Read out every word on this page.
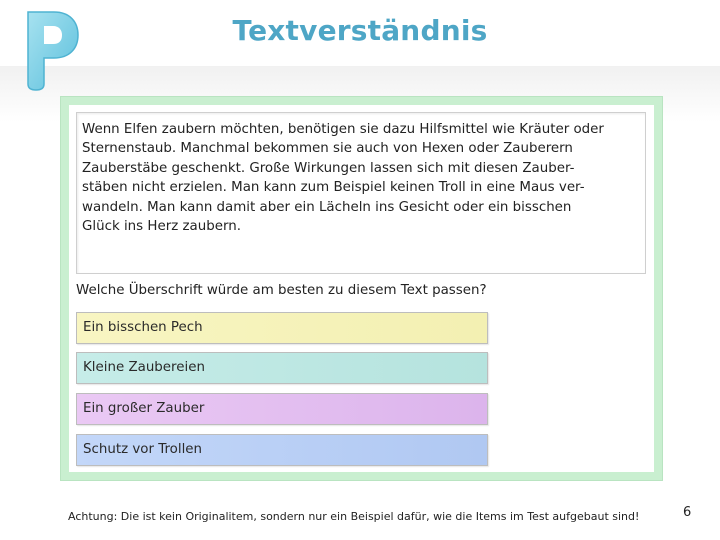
Textverständnis
Wenn Elfen zaubern möchten, benötigen sie dazu Hilfsmittel wie Kräuter oder
Sternenstaub. Manchmal bekommen sie auch von Hexen oder Zauberern
Zauberstäbe geschenkt. Große Wirkungen lassen sich mit diesen Zauber-
stäben nicht erzielen. Man kann zum Beispiel keinen Troll in eine Maus ver-
wandeln. Man kann damit aber ein Lächeln ins Gesicht oder ein bisschen
Glück ins Herz zaubern.
Welche Überschrift würde am besten zu diesem Text passen?
Ein bisschen Pech
Kleine Zaubereien
Ein großer Zauber
Schutz vor Trollen
Achtung: Die ist kein Originalitem, sondern nur ein Beispiel dafür, wie die Items im Test aufgebaut sind!	6
